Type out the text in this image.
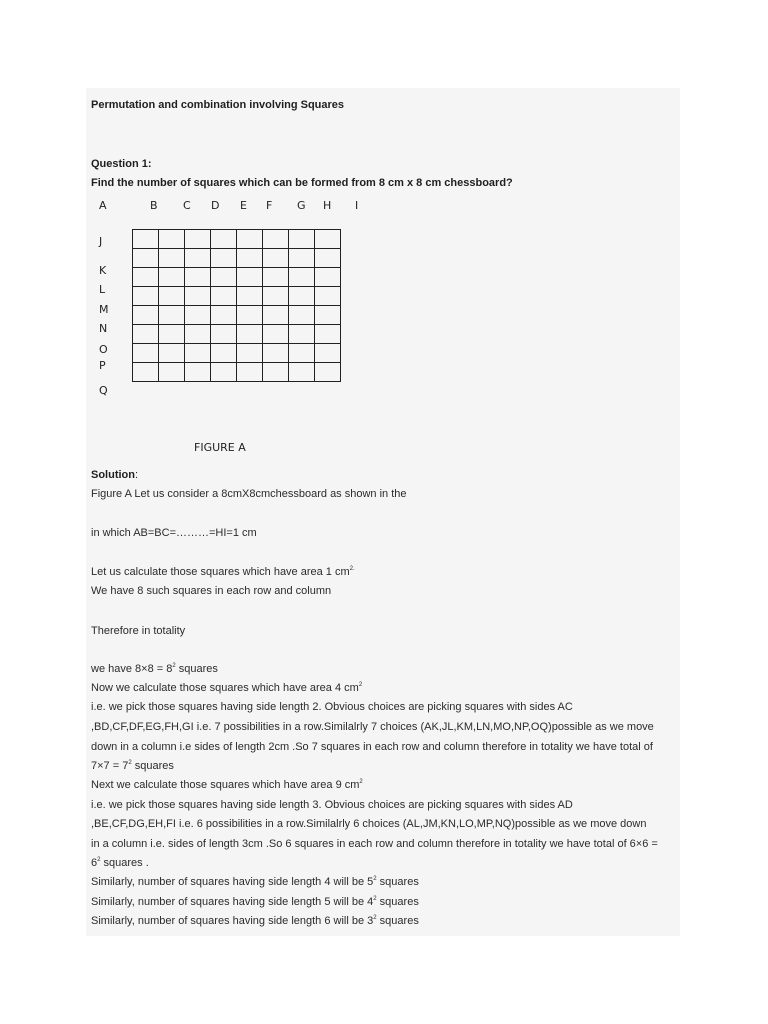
Permutation and combination involving Squares
Question 1:
Find the number of squares which can be formed from 8 cm x 8 cm chessboard?
A	B C D E F G H I
J
K
L
M
N
O
P
Q

FIGURE A
Solution:
Figure A Let us consider a 8cmX8cmchessboard as shown in the
in which AB=BC=………=HI=1 cm
Let us calculate those squares which have area 1 $cm^{2.}$
We have 8 such squares in each row and column
Therefore in totality
we have $8\times 8 = 8^2$ squares
Now we calculate those squares which have area 4 $cm^2$
i.e. we pick those squares having side length 2. Obvious choices are picking squares with sides AC
,BD,CF,DF,EG,FH,GI i.e. 7 possibilities in a row.Similalrly 7 choices (AK,JL,KM,LN,MO,NP,OQ)possible as we move
down in a column i.e sides of length 2cm .So 7 squares in each row and column therefore in totality we have total of
$7\times 7 = 7^2$ squares
Next we calculate those squares which have area 9 $cm^2$
i.e. we pick those squares having side length 3. Obvious choices are picking squares with sides AD
,BE,CF,DG,EH,FI i.e. 6 possibilities in a row.Similalrly 6 choices (AL,JM,KN,LO,MP,NQ)possible as we move down
in a column i.e. sides of length 3cm .So 6 squares in each row and column therefore in totality we have total of 6×6 =
$6^2$ squares .
Similarly, number of squares having side length 4 will be $5^2$ squares
Similarly, number of squares having side length 5 will be $4^2$ squares
Similarly, number of squares having side length 6 will be $3^2$ squares
